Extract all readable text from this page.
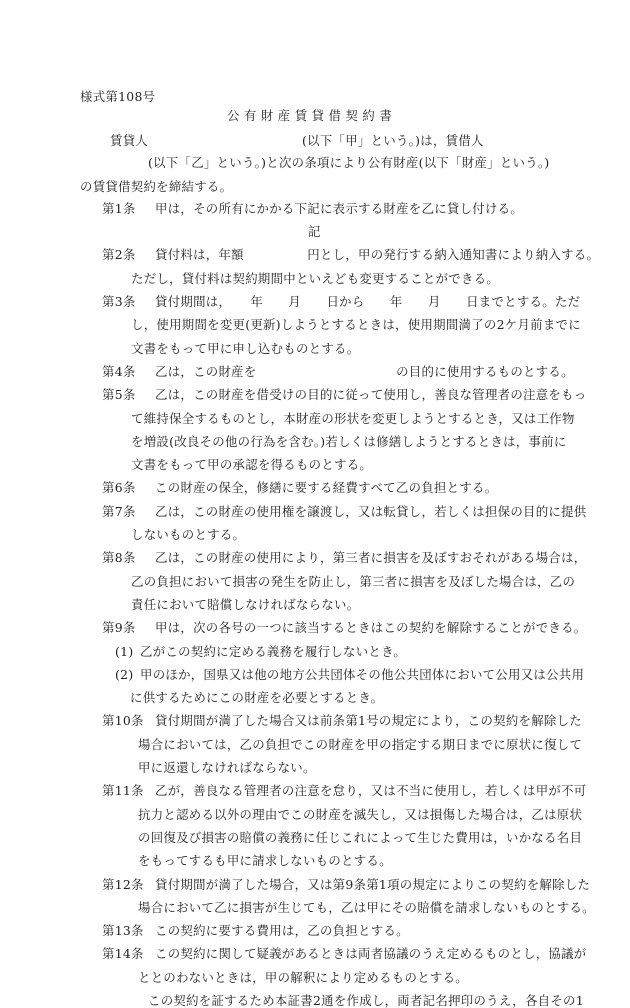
様式第108号
公 有 財 産 賃 貸 借 契 約 書
賃貸人	(以下「甲」という。)は，賃借人
(以下「乙」という。)と次の条項により公有財産(以下「財産」という。)
の賃貸借契約を締結する。
第1条 甲は，その所有にかかる下記に表示する財産を乙に貸し付ける。
記
第2条 貸付料は，年額　　　　　円とし，甲の発行する納入通知書により納入する。
ただし，貸付料は契約期間中といえども変更することができる。
第3条 貸付期間は，　　年　　月　　日から　　年　　月　　日までとする。ただ
し，使用期間を変更(更新)しようとするときは，使用期間満了の2ケ月前までに
文書をもって甲に申し込むものとする。
第4条 乙は，この財産を　　　　　　　　　　　の目的に使用するものとする。
第5条 乙は，この財産を借受けの目的に従って使用し，善良な管理者の注意をもっ
て維持保全するものとし，本財産の形状を変更しようとするとき，又は工作物
を増設(改良その他の行為を含む。)若しくは修繕しようとするときは，事前に
文書をもって甲の承認を得るものとする。
第6条 この財産の保全，修繕に要する経費すべて乙の負担とする。
第7条 乙は，この財産の使用権を譲渡し，又は転貸し，若しくは担保の目的に提供
しないものとする。
第8条 乙は，この財産の使用により，第三者に損害を及ぼすおそれがある場合は，
乙の負担において損害の発生を防止し，第三者に損害を及ぼした場合は，乙の
責任において賠償しなければならない。
第9条 甲は，次の各号の一つに該当するときはこの契約を解除することができる。
(1) 乙がこの契約に定める義務を履行しないとき。
(2) 甲のほか，国県又は他の地方公共団体その他公共団体において公用又は公共用
に供するためにこの財産を必要とするとき。
第10条 貸付期間が満了した場合又は前条第1号の規定により，この契約を解除した
場合においては，乙の負担でこの財産を甲の指定する期日までに原状に復して
甲に返還しなければならない。
第11条 乙が，善良なる管理者の注意を怠り，又は不当に使用し，若しくは甲が不可
抗力と認める以外の理由でこの財産を滅失し，又は損傷した場合は，乙は原状
の回復及び損害の賠償の義務に任じこれによって生じた費用は，いかなる名目
をもってするも甲に請求しないものとする。
第12条 貸付期間が満了した場合，又は第9条第1項の規定によりこの契約を解除した
場合において乙に損害が生じても，乙は甲にその賠償を請求しないものとする。
第13条 この契約に要する費用は，乙の負担とする。
第14条 この契約に関して疑義があるときは両者協議のうえ定めるものとし，協議が
ととのわないときは，甲の解釈により定めるものとする。
この契約を証するため本証書2通を作成し，両者記名押印のうえ，各自その1
